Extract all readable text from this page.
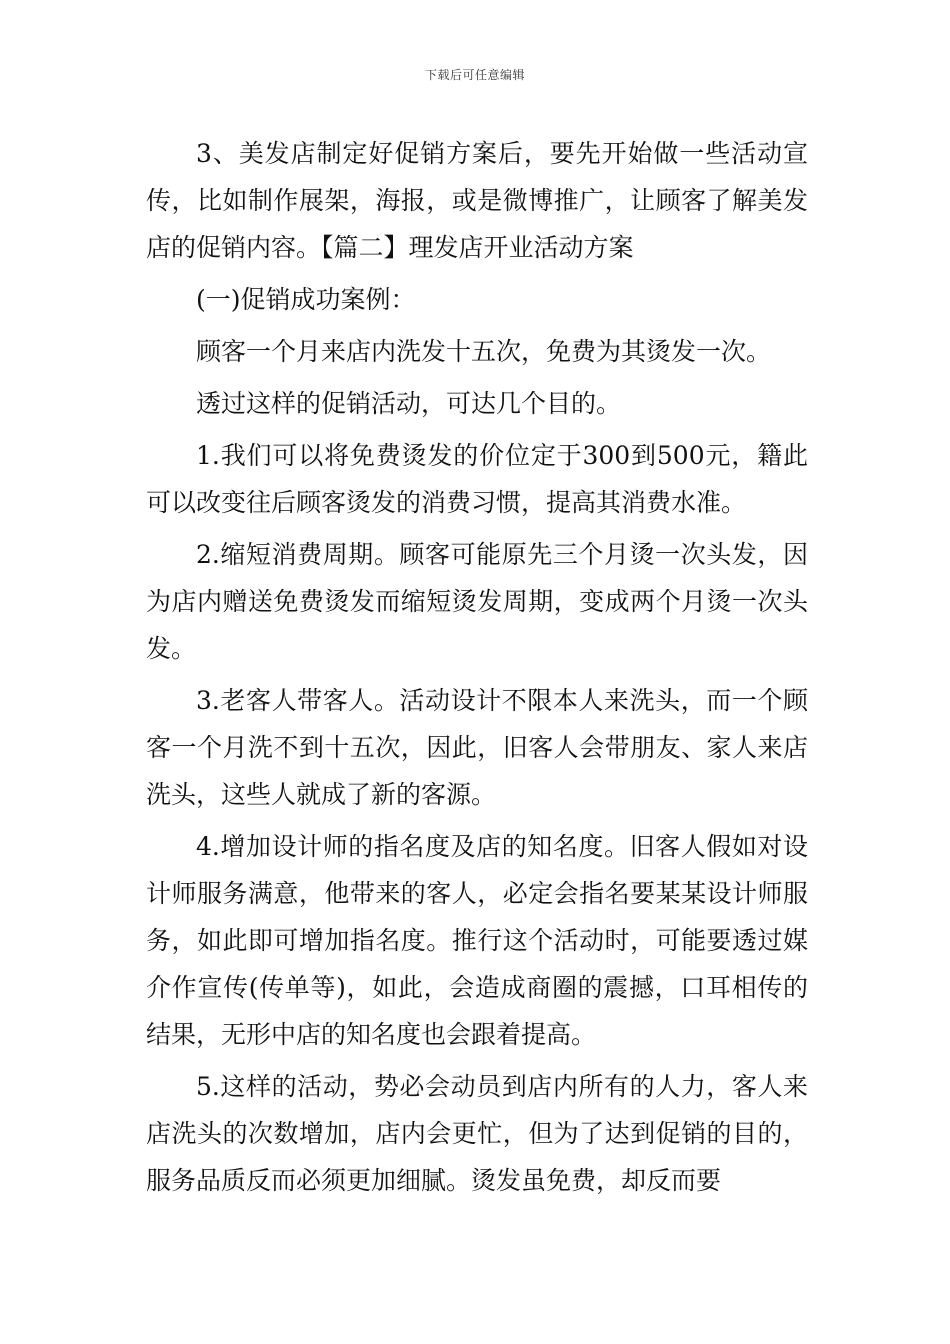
下载后可任意编辑

3、美发店制定好促销方案后，要先开始做一些活动宣传，比如制作展架，海报，或是微博推广，让顾客了解美发店的促销内容。【篇二】理发店开业活动方案

(一)促销成功案例：

顾客一个月来店内洗发十五次，免费为其烫发一次。

透过这样的促销活动，可达几个目的。

1.我们可以将免费烫发的价位定于300到500元，籍此可以改变往后顾客烫发的消费习惯，提高其消费水准。

2.缩短消费周期。顾客可能原先三个月烫一次头发，因为店内赠送免费烫发而缩短烫发周期，变成两个月烫一次头发。

3.老客人带客人。活动设计不限本人来洗头，而一个顾客一个月洗不到十五次，因此，旧客人会带朋友、家人来店洗头，这些人就成了新的客源。

4.增加设计师的指名度及店的知名度。旧客人假如对设计师服务满意，他带来的客人，必定会指名要某某设计师服务，如此即可增加指名度。推行这个活动时，可能要透过媒介作宣传(传单等)，如此，会造成商圈的震撼，口耳相传的结果，无形中店的知名度也会跟着提高。

5.这样的活动，势必会动员到店内所有的人力，客人来店洗头的次数增加，店内会更忙，但为了达到促销的目的，服务品质反而必须更加细腻。烫发虽免费，却反而要
